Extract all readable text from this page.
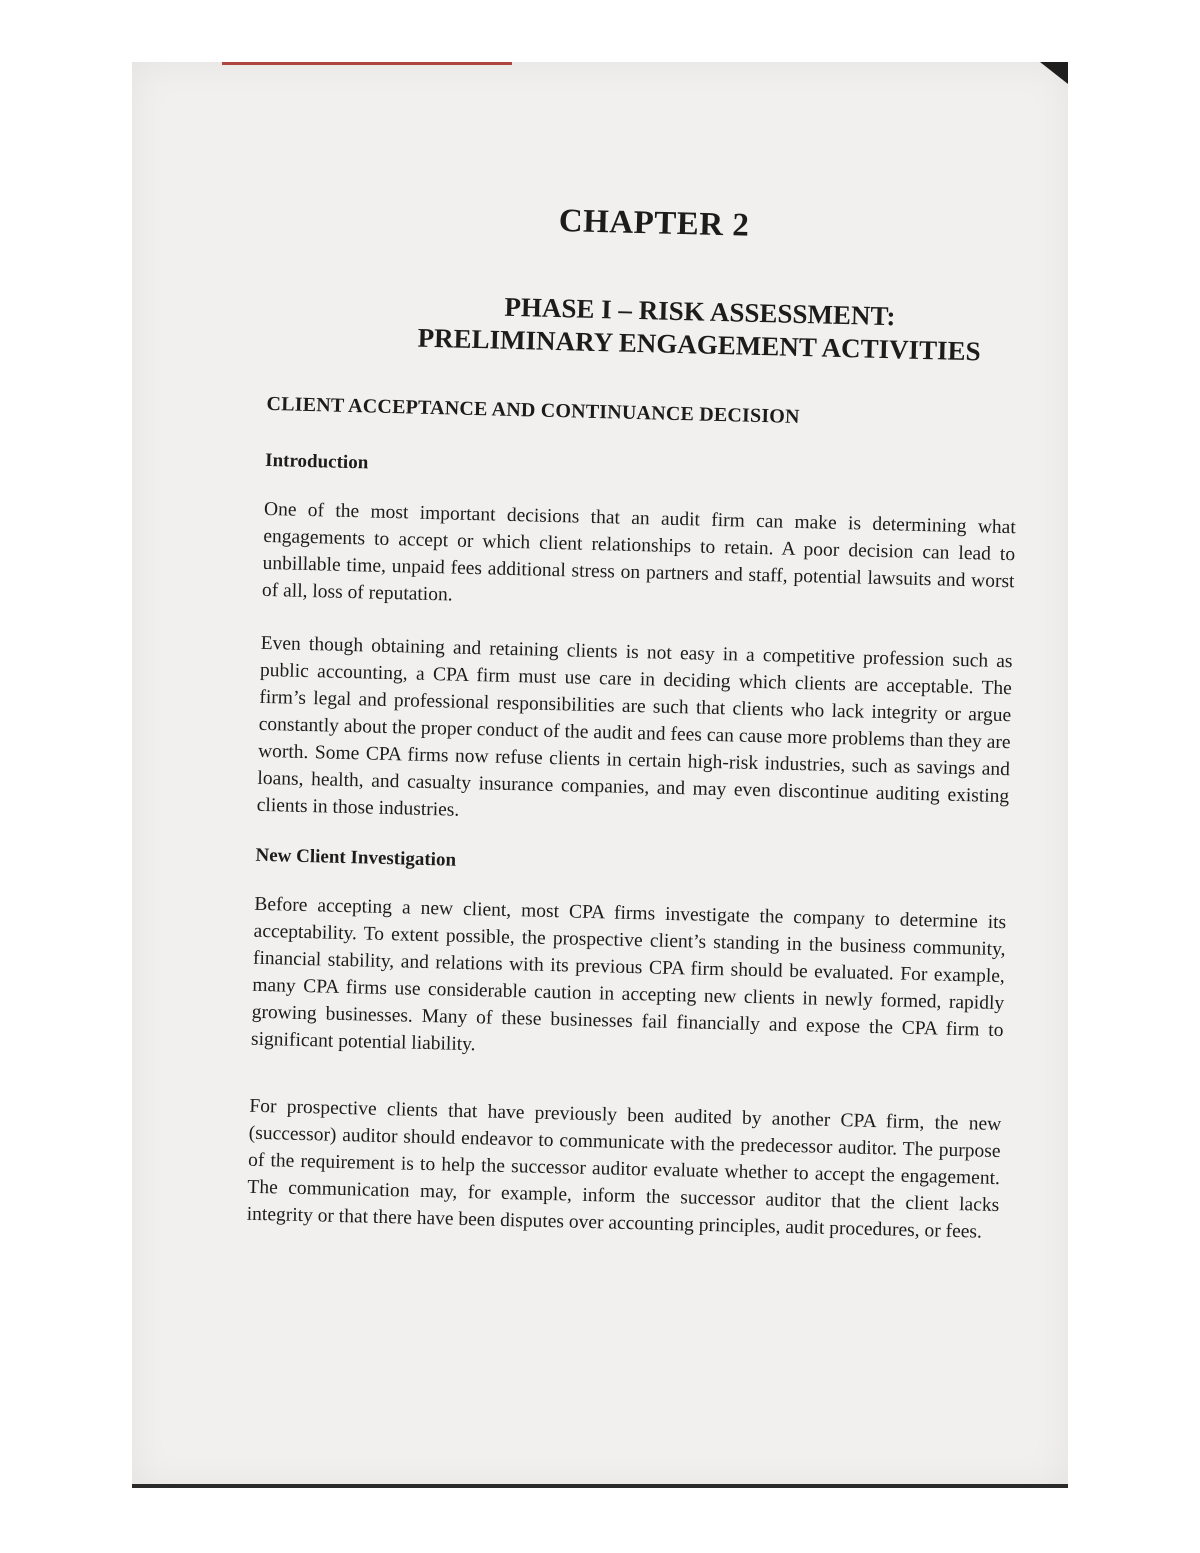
CHAPTER 2
PHASE I – RISK ASSESSMENT:
PRELIMINARY ENGAGEMENT ACTIVITIES
CLIENT ACCEPTANCE AND CONTINUANCE DECISION
Introduction

One of the most important decisions that an audit firm can make is determining what engagements to accept or which client relationships to retain. A poor decision can lead to unbillable time, unpaid fees additional stress on partners and staff, potential lawsuits and worst of all, loss of reputation.

Even though obtaining and retaining clients is not easy in a competitive profession such as public accounting, a CPA firm must use care in deciding which clients are acceptable. The firm’s legal and professional responsibilities are such that clients who lack integrity or argue constantly about the proper conduct of the audit and fees can cause more problems than they are worth. Some CPA firms now refuse clients in certain high-risk industries, such as savings and loans, health, and casualty insurance companies, and may even discontinue auditing existing clients in those industries.

New Client Investigation

Before accepting a new client, most CPA firms investigate the company to determine its acceptability. To extent possible, the prospective client’s standing in the business community, financial stability, and relations with its previous CPA firm should be evaluated. For example, many CPA firms use considerable caution in accepting new clients in newly formed, rapidly growing businesses. Many of these businesses fail financially and expose the CPA firm to significant potential liability.

For prospective clients that have previously been audited by another CPA firm, the new (successor) auditor should endeavor to communicate with the predecessor auditor. The purpose of the requirement is to help the successor auditor evaluate whether to accept the engagement. The communication may, for example, inform the successor auditor that the client lacks integrity or that there have been disputes over accounting principles, audit procedures, or fees.
